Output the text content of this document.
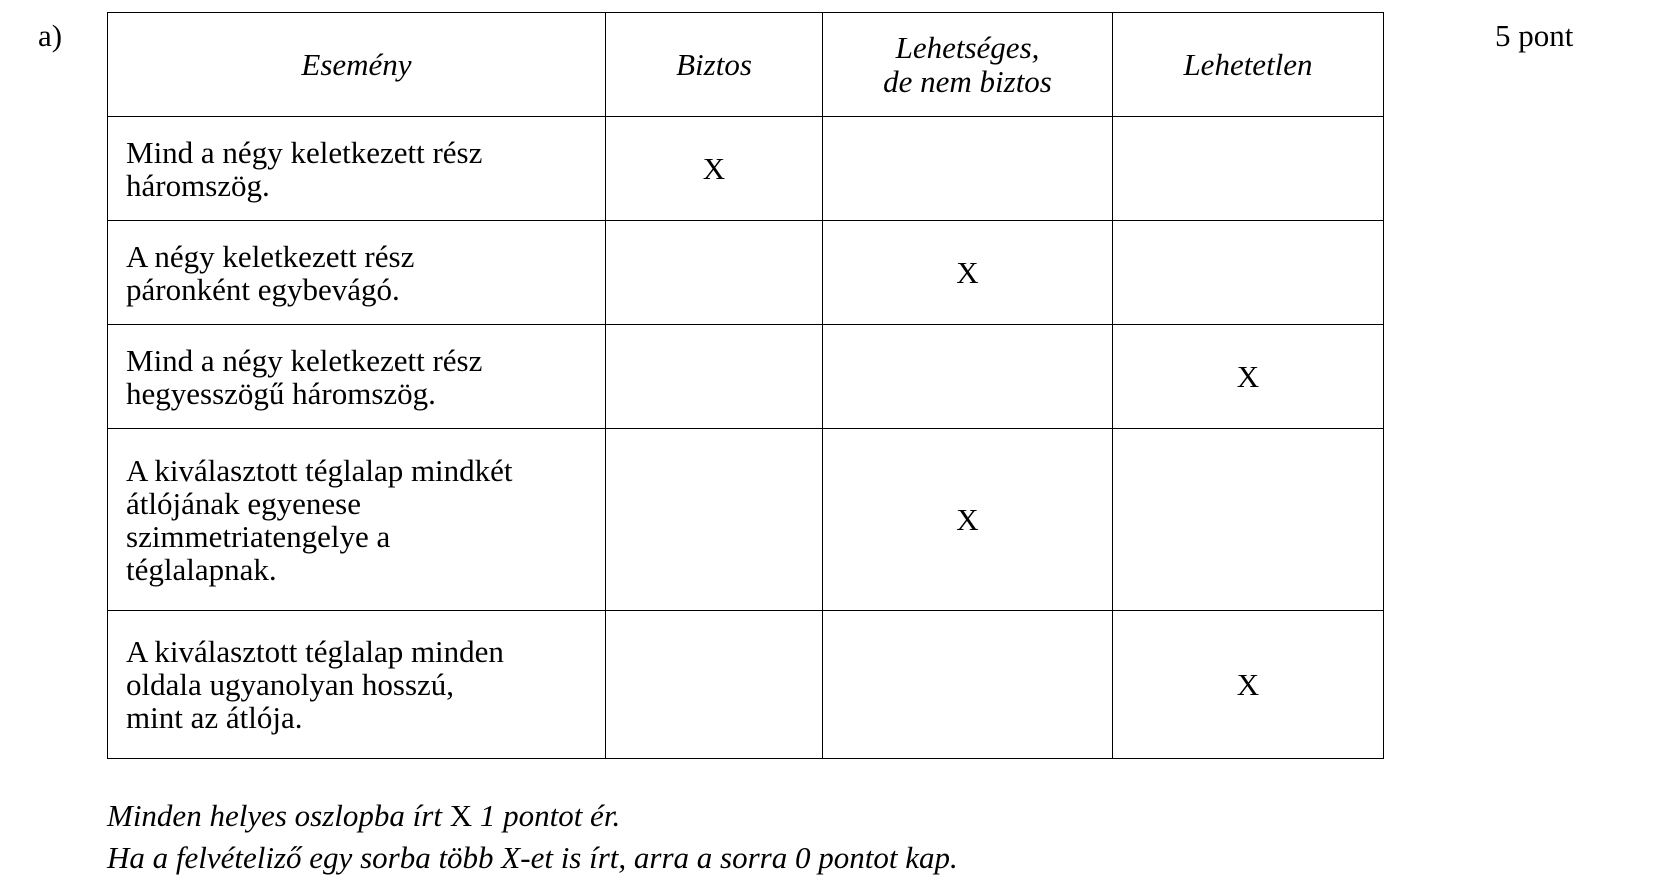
a)	5 pont
Esemény	Biztos	Lehetséges,
de nem biztos	Lehetetlen
Mind a négy keletkezett rész
háromszög.	X		
A négy keletkezett rész
páronként egybevágó.		X	
Mind a négy keletkezett rész
hegyesszögű háromszög.			X
A kiválasztott téglalap mindkét
átlójának egyenese
szimmetriatengelye a
téglalapnak.		X	
A kiválasztott téglalap minden
oldala ugyanolyan hosszú,
mint az átlója.			X
Minden helyes oszlopba írt X 1 pontot ér.
Ha a felvételiző egy sorba több X-et is írt, arra a sorra 0 pontot kap.
